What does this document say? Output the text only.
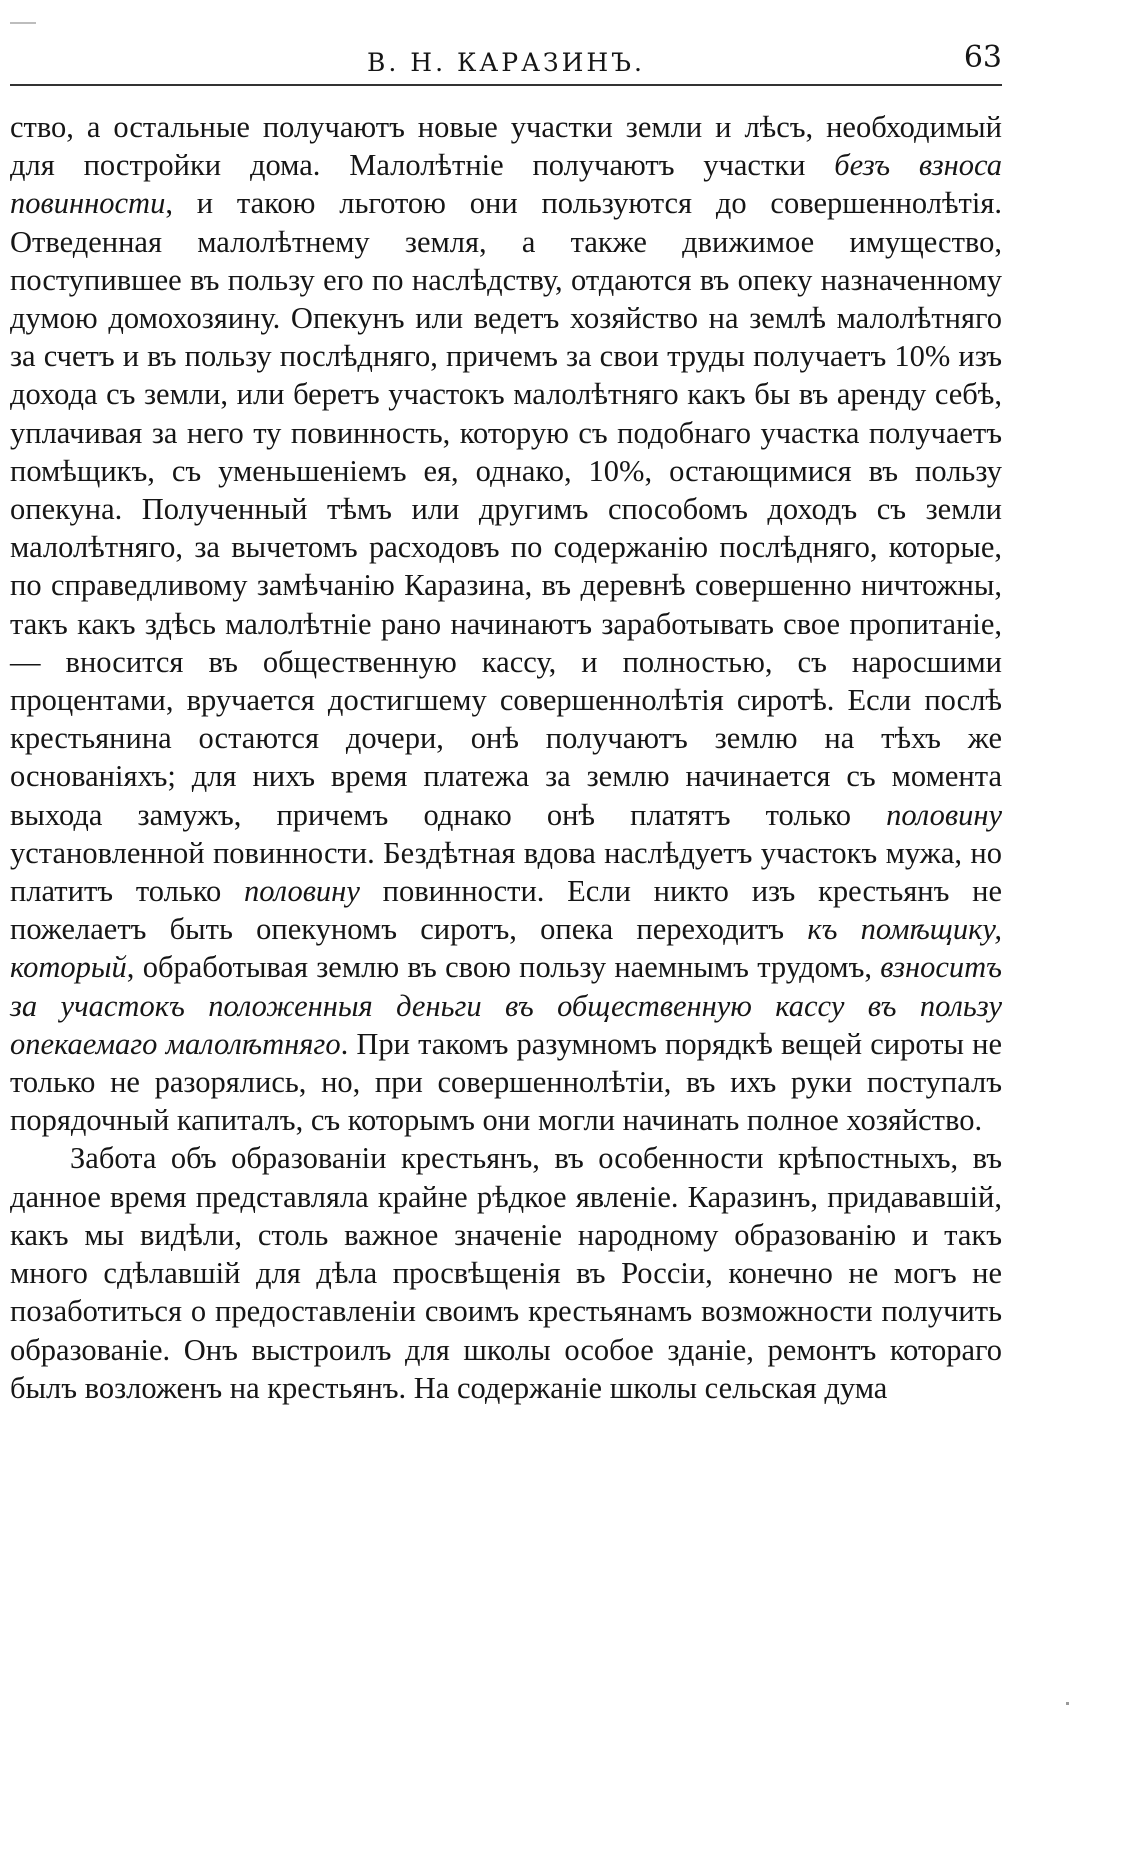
В. Н. КАРАЗИНЪ.	63

ство, а остальные получаютъ новые участки земли и лѣсъ, необходимый для постройки дома. Малолѣтніе получаютъ участки безъ взноса повинности, и такою льготою они пользуются до совершеннолѣтія. Отведенная малолѣтнему земля, а также движимое имущество, поступившее въ пользу его по наслѣдству, отдаются въ опеку назначенному думою домохозяину. Опекунъ или ведетъ хозяйство на землѣ малолѣтняго за счетъ и въ пользу послѣдняго, причемъ за свои труды получаетъ 10% изъ дохода съ земли, или беретъ участокъ малолѣтняго какъ бы въ аренду себѣ, уплачивая за него ту повинность, которую съ подобнаго участка получаетъ помѣщикъ, съ уменьшеніемъ ея, однако, 10%, остающимися въ пользу опекуна. Полученный тѣмъ или другимъ способомъ доходъ съ земли малолѣтняго, за вычетомъ расходовъ по содержанію послѣдняго, которые, по справедливому замѣчанію Каразина, въ деревнѣ совершенно ничтожны, такъ какъ здѣсь малолѣтніе рано начинаютъ заработывать свое пропитаніе, — вносится въ общественную кассу, и полностью, съ наросшими процентами, вручается достигшему совершеннолѣтія сиротѣ. Если послѣ крестьянина остаются дочери, онѣ получаютъ землю на тѣхъ же основаніяхъ; для нихъ время платежа за землю начинается съ момента выхода замужъ, причемъ однако онѣ платятъ только половину установленной повинности. Бездѣтная вдова наслѣдуетъ участокъ мужа, но платитъ только половину повинности. Если никто изъ крестьянъ не пожелаетъ быть опекуномъ сиротъ, опека переходитъ къ помѣщику, который, обработывая землю въ свою пользу наемнымъ трудомъ, взноситъ за участокъ положенныя деньги въ общественную кассу въ пользу опекаемаго малолѣтняго. При такомъ разумномъ порядкѣ вещей сироты не только не разорялись, но, при совершеннолѣтіи, въ ихъ руки поступалъ порядочный капиталъ, съ которымъ они могли начинать полное хозяйство.

Забота объ образованіи крестьянъ, въ особенности крѣпостныхъ, въ данное время представляла крайне рѣдкое явленіе. Каразинъ, придававшій, какъ мы видѣли, столь важное значеніе народному образованію и такъ много сдѣлавшій для дѣла просвѣщенія въ Россіи, конечно не могъ не позаботиться о предоставленіи своимъ крестьянамъ возможности получить образованіе. Онъ выстроилъ для школы особое зданіе, ремонтъ котораго былъ возложенъ на крестьянъ. На содержаніе школы сельская дума
